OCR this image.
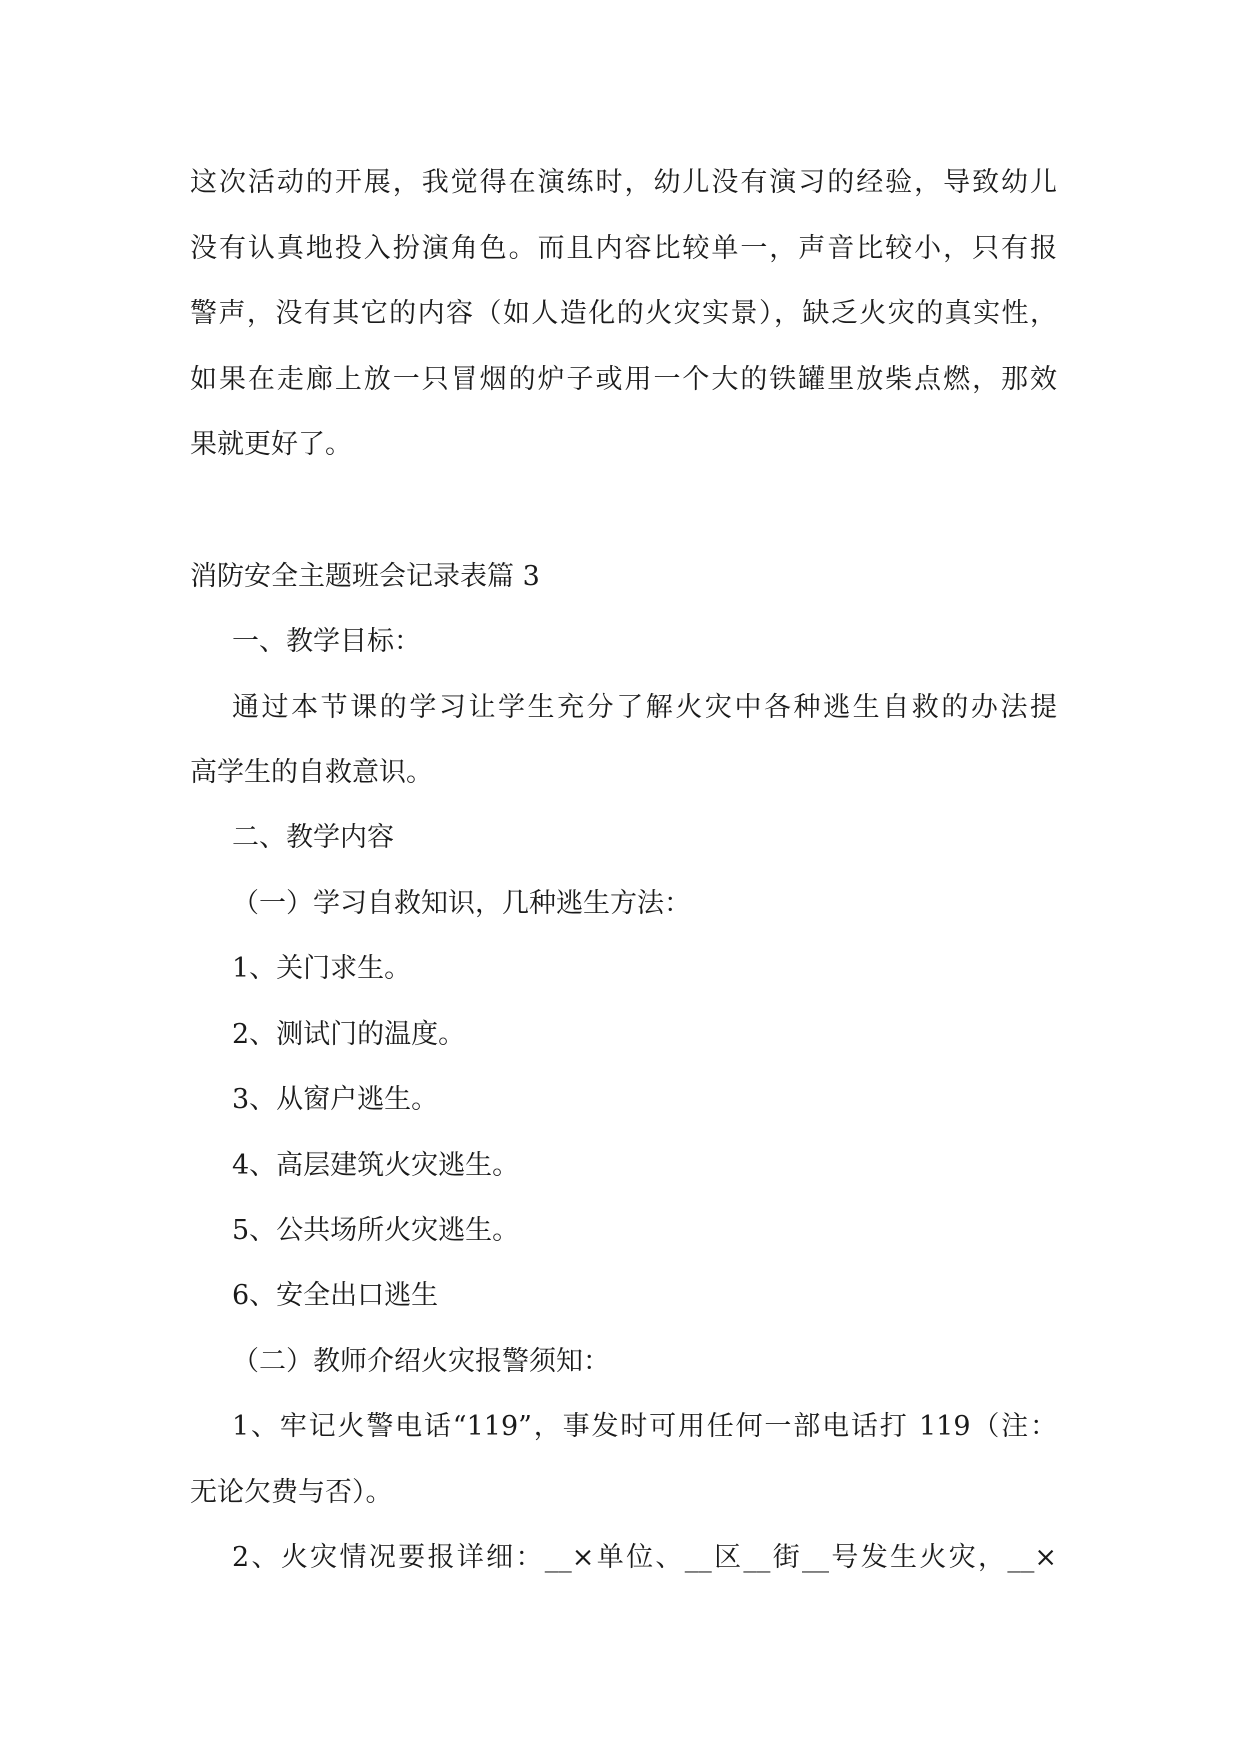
这次活动的开展，我觉得在演练时，幼儿没有演习的经验，导致幼儿
没有认真地投入扮演角色。而且内容比较单一，声音比较小，只有报
警声，没有其它的内容（如人造化的火灾实景），缺乏火灾的真实性，
如果在走廊上放一只冒烟的炉子或用一个大的铁罐里放柴点燃，那效
果就更好了。
消防安全主题班会记录表篇 3
一、教学目标：
通过本节课的学习让学生充分了解火灾中各种逃生自救的办法提
高学生的自救意识。
二、教学内容
（一）学习自救知识，几种逃生方法：
1、关门求生。
2、测试门的温度。
3、从窗户逃生。
4、高层建筑火灾逃生。
5、公共场所火灾逃生。
6、安全出口逃生
（二）教师介绍火灾报警须知：
1、牢记火警电话“119”，事发时可用任何一部电话打 119（注：
无论欠费与否）。
2、火灾情况要报详细：__×单位、__区__街__号发生火灾，__×
